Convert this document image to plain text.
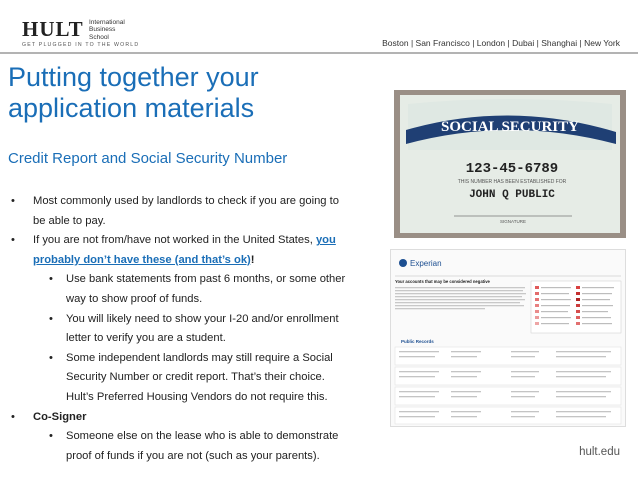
HULT International
Business
School
GET PLUGGED IN TO THE WORLD	Boston | San Francisco | London | Dubai | Shanghai | New York
Putting together your
application materials
Credit Report and Social Security Number
• Most commonly used by landlords to check if you are going to
be able to pay.
• If you are not from/have not worked in the United States, you
probably don’t have these (and that’s ok)!
• Use bank statements from past 6 months, or some other
way to show proof of funds.
• You will likely need to show your I-20 and/or enrollment
letter to verify you are a student.
• Some independent landlords may still require a Social
Security Number or credit report. That’s their choice.
Hult’s Preferred Housing Vendors do not require this.
• Co-Signer
• Someone else on the lease who is able to demonstrate
proof of funds if you are not (such as your parents).
SOCIAL SECURITY
123-45-6789
THIS NUMBER HAS BEEN ESTABLISHED FOR
JOHN Q PUBLIC
SIGNATURE
Experian
Your accounts that may be considered negative
Public Records
hult.edu
